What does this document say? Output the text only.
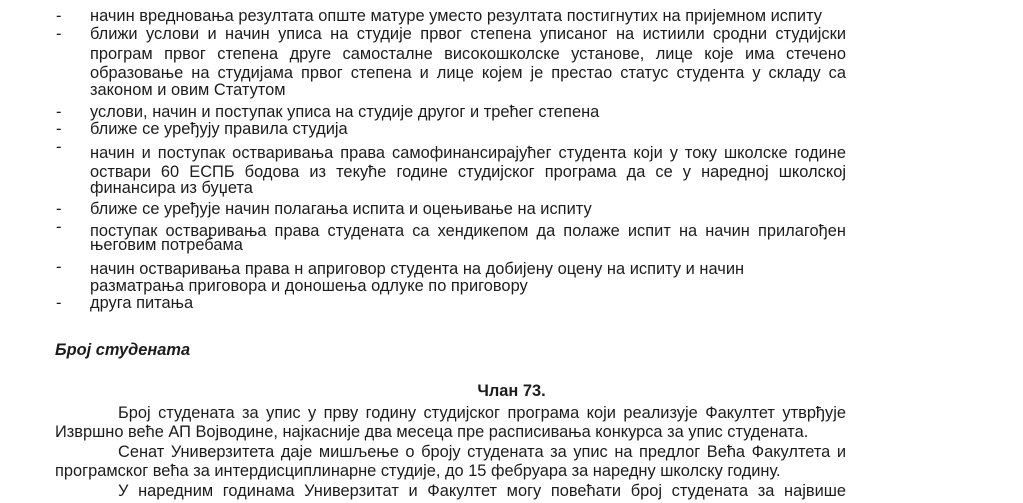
- начин вредновања резултата опште матуре уместо резултата постигнутих на пријемном испиту
- ближи услови и начин уписа на студије првог степена уписаног на истиили сродни студијски
програм првог степена друге самосталне високошколске установе, лице које има стечено
образовање на студијама првог степена и лице којем је престао статус студента у складу са
законом и овим Статутом
- услови, начин и поступак уписа на студије другог и трећег степена
- ближе се уређују правила студија
- начин и поступак остваривања права самофинансирајућег студента који у току школске године
оствари 60 ЕСПБ бодова из текуће године студијског програма да се у наредној школској
финансира из буџета
- ближе се уређује начин полагања испита и оцењивање на испиту
- поступак остваривања права студената са хендикепом да полаже испит на начин прилагођен
његовим потребама
- начин остваривања права н априговор студента на добијену оцену на испиту и начин
разматрања приговора и доношења одлуке по приговору
- друга питања
Број студената
Члан 73.
Број студената за упис у прву годину студијског програма који реализује Факултет утврђује
Извршно веће АП Војводине, најкасније два месеца пре расписивања конкурса за упис студената.
Сенат Универзитета даје мишљење о броју студената за упис на предлог Већа Факултета и
програмског већа за интердисциплинарне студије, до 15 фебруара за наредну школску годину.
У наредним годинама Универзитат и Факултет могу повећати број студената за највише
